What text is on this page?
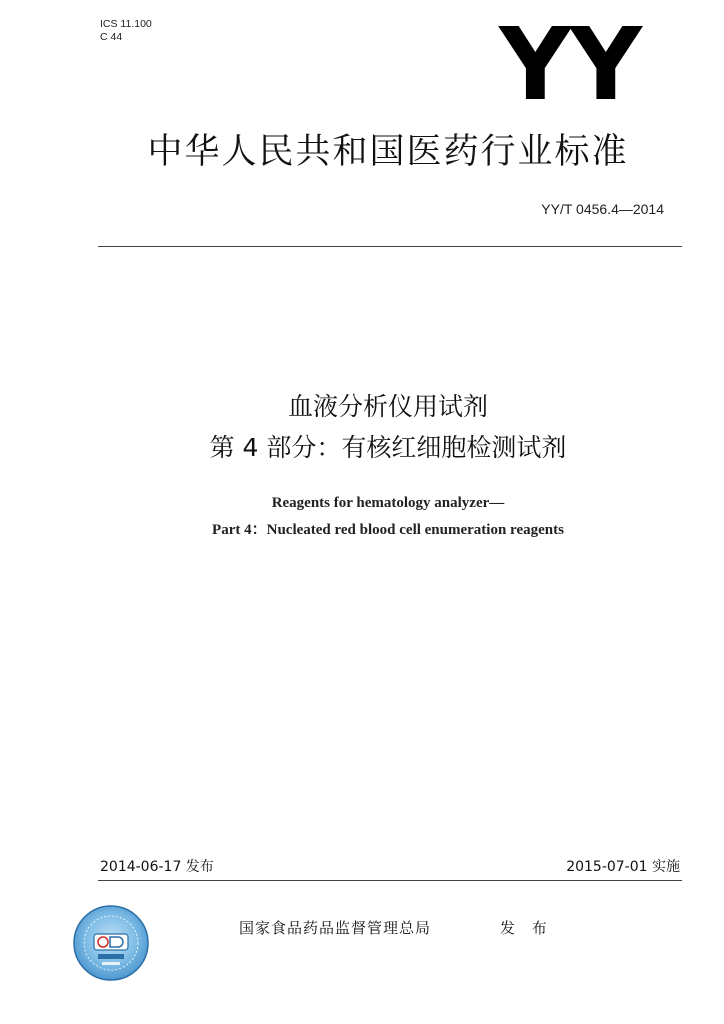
ICS 11.100
C 44	YY
中华人民共和国医药行业标准
YY/T 0456.4—2014
血液分析仪用试剂
第 4 部分：有核红细胞检测试剂
Reagents for hematology analyzer—
Part 4：Nucleated red blood cell enumeration reagents
2014-06-17 发布	2015-07-01 实施
国家食品药品监督管理总局	发 布
